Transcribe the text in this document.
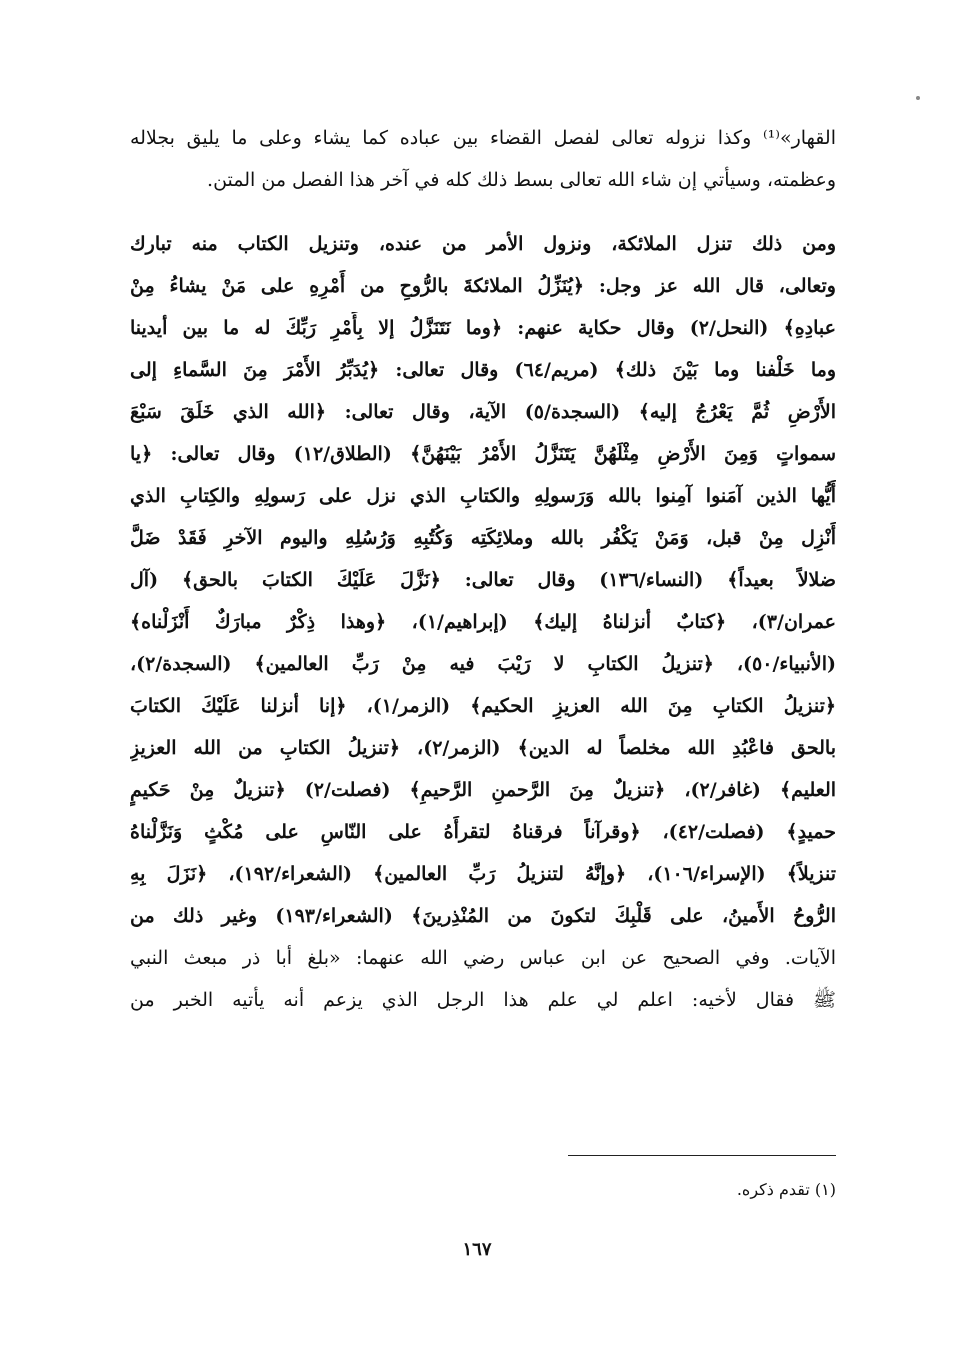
القهار»⁽¹⁾ وكذا نزوله تعالى لفصل القضاء بين عباده كما يشاء وعلى ما يليق بجلاله
وعظمته، وسيأتي إن شاء الله تعالى بسط ذلك كله في آخر هذا الفصل من المتن.
ومن ذلك تنزل الملائكة، ونزول الأمر من عنده، وتنزيل الكتاب منه تبارك
وتعالى، قال الله عز وجل: ﴿يُنَزِّلُ الملائكةَ بالرُّوحِ من أَمْرِهِ على مَنْ يشاءُ مِنْ
عبادِهِ﴾ (النحل/٢) وقال حكاية عنهم: ﴿وما نَتَنَزَّلُ إلا بِأَمْرِ رَبِّكَ له ما بين أيدينا
وما خَلْفنا وما بَيْنَ ذلك﴾ (مريم/٦٤) وقال تعالى: ﴿يُدَبِّرُ الأَمْرَ مِنَ السَّماءِ إلى
الأَرْضِ ثُمَّ يَعْرُجُ إليه﴾ (السجدة/٥) الآية، وقال تعالى: ﴿الله الذي خَلَقَ سَبْعَ
سمواتٍ وَمِنَ الأَرْضِ مِثْلَهُنَّ يَتَنَزَّلُ الأَمْرُ بَيْنَهُنَّ﴾ (الطلاق/١٢) وقال تعالى: ﴿يا
أَيُّها الذين آمَنوا آمِنوا بالله وَرَسولِهِ والكتابِ الذي نزل على رَسولِهِ والكِتابِ الذي
أَنْزِل مِنْ قبل، وَمَنْ يَكْفُر بالله وملائِكَتِه وَكُتُبِهِ وَرُسُلِهِ واليوم الآخرِ فَقَدْ ضَلَّ
ضلالاً بعيداً﴾ (النساء/١٣٦) وقال تعالى: ﴿نَزَّلَ عَلَيْكَ الكتابَ بالحق﴾ (آل
عمران/٣)، ﴿كتابٌ أنزلناهُ إليك﴾ (إبراهيم/١)، ﴿وهذا ذِكْرٌ مبارَكٌ أَنْزَلْناه﴾
(الأنبياء/٥٠)، ﴿تنزيلُ الكتابِ لا رَيْبَ فيه مِنْ رَبِّ العالمين﴾ (السجدة/٢)،
﴿تنزيلُ الكتابِ مِنَ الله العزيزِ الحكيم﴾ (الزمر/١)، ﴿إنا أنزلنا عَلَيْكَ الكتابَ
بالحق فاعْبُدِ الله مخلصاً له الدين﴾ (الزمر/٢)، ﴿تنزيلُ الكتابِ من الله العزيزِ
العليم﴾ (غافر/٢)، ﴿تنزيلٌ مِنَ الرَّحمنِ الرَّحيمِ﴾ (فصلت/٢) ﴿تنزيلٌ مِنْ حَكيمٍ
حميدٍ﴾ (فصلت/٤٢)، ﴿وقرآناً فرقناهُ لتقرأَهُ على النّاسِ على مُكْثٍ وَنَزَّلْناهُ
تنزيلاً﴾ (الإسراء/١٠٦)، ﴿وإنَّهُ لتنزيلُ رَبِّ العالمين﴾ (الشعراء/١٩٢)، ﴿نَزَلَ بِهِ
الرُّوحُ الأَمينُ، على قَلْبِكَ لتكونَ من المُنْذِرينَ﴾ (الشعراء/١٩٣) وغير ذلك من
الآيات. وفي الصحيح عن ابن عباس رضي الله عنهما: «بلغ أبا ذر مبعث النبي
ﷺ فقال لأخيه: اعلم لي علم هذا الرجل الذي يزعم أنه يأتيه الخبر من
(١) تقدم ذكره.
١٦٧
